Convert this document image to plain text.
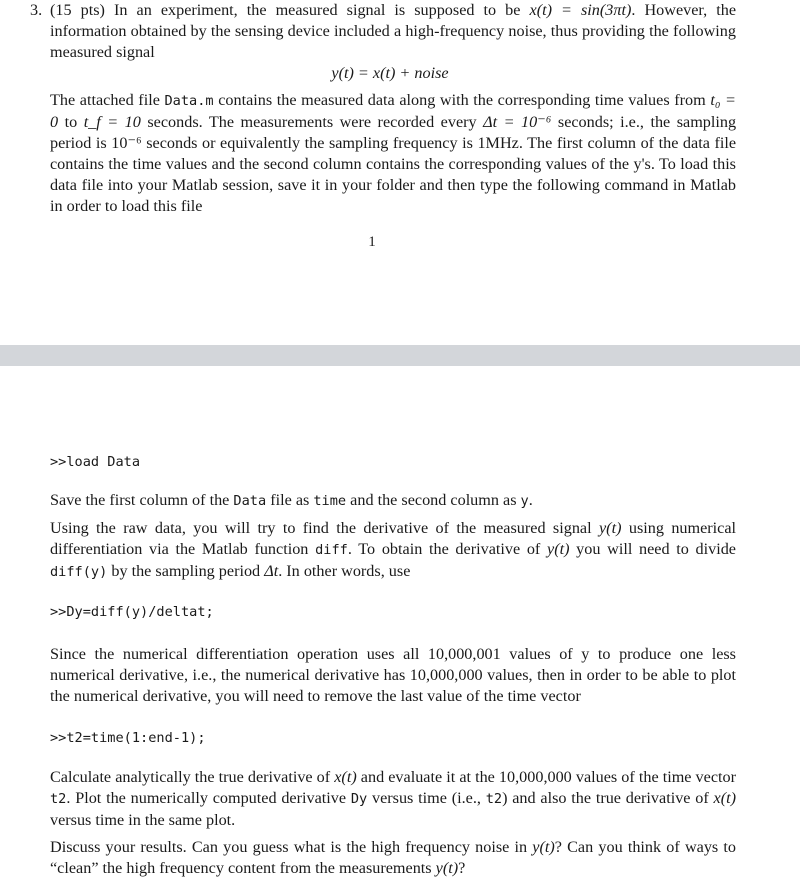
3. (15 pts) In an experiment, the measured signal is supposed to be x(t) = sin(3πt). However, the information obtained by the sensing device included a high-frequency noise, thus providing the following measured signal

y(t) = x(t) + noise

The attached file Data.m contains the measured data along with the corresponding time values from t₀ = 0 to t_f = 10 seconds. The measurements were recorded every Δt = 10⁻⁶ seconds; i.e., the sampling period is 10⁻⁶ seconds or equivalently the sampling frequency is 1MHz. The first column of the data file contains the time values and the second column contains the corresponding values of the y's. To load this data file into your Matlab session, save it in your folder and then type the following command in Matlab in order to load this file

1
>>load Data

Save the first column of the Data file as time and the second column as y.

Using the raw data, you will try to find the derivative of the measured signal y(t) using numerical differentiation via the Matlab function diff. To obtain the derivative of y(t) you will need to divide diff(y) by the sampling period Δt. In other words, use

>>Dy=diff(y)/deltat;

Since the numerical differentiation operation uses all 10,000,001 values of y to produce one less numerical derivative, i.e., the numerical derivative has 10,000,000 values, then in order to be able to plot the numerical derivative, you will need to remove the last value of the time vector

>>t2=time(1:end-1);

Calculate analytically the true derivative of x(t) and evaluate it at the 10,000,000 values of the time vector t2. Plot the numerically computed derivative Dy versus time (i.e., t2) and also the true derivative of x(t) versus time in the same plot.

Discuss your results. Can you guess what is the high frequency noise in y(t)? Can you think of ways to “clean” the high frequency content from the measurements y(t)?
